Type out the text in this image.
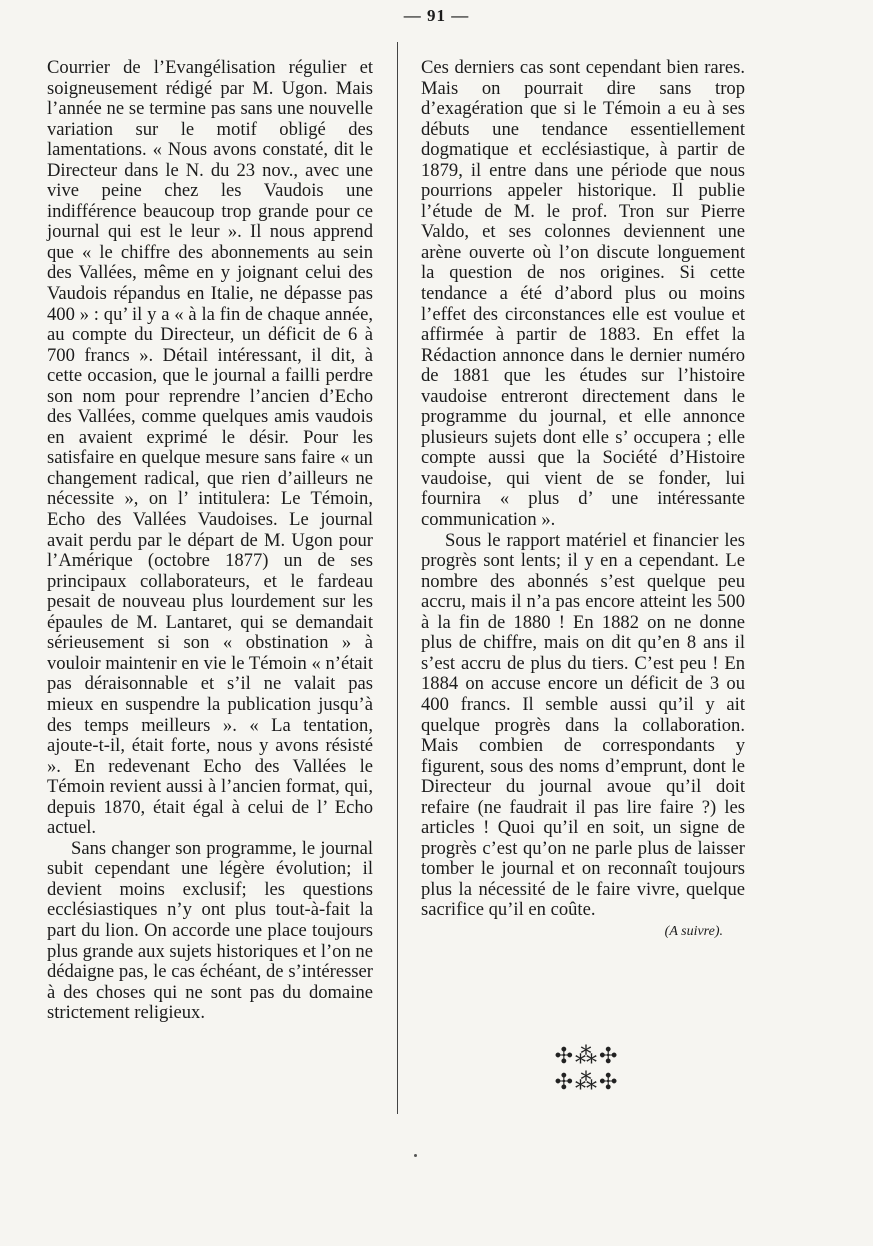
— 91 —

Courrier de l’Evangélisation régulier et soigneusement rédigé par M. Ugon. Mais l’année ne se termine pas sans une nouvelle variation sur le motif obligé des lamentations. « Nous avons constaté, dit le Directeur dans le N. du 23 nov., avec une vive peine chez les Vaudois une indifférence beaucoup trop grande pour ce journal qui est le leur ». Il nous apprend que « le chiffre des abonnements au sein des Vallées, même en y joignant celui des Vaudois répandus en Italie, ne dépasse pas 400 » : qu’ il y a « à la fin de chaque année, au compte du Directeur, un déficit de 6 à 700 francs ». Détail intéressant, il dit, à cette occasion, que le journal a failli perdre son nom pour reprendre l’ancien d’Echo des Vallées, comme quelques amis vaudois en avaient exprimé le désir. Pour les satisfaire en quelque mesure sans faire « un changement radical, que rien d’ailleurs ne nécessite », on l’ intitulera: Le Témoin, Echo des Vallées Vaudoises. Le journal avait perdu par le départ de M. Ugon pour l’Amérique (octobre 1877) un de ses principaux collaborateurs, et le fardeau pesait de nouveau plus lourdement sur les épaules de M. Lantaret, qui se demandait sérieusement si son « obstination » à vouloir maintenir en vie le Témoin « n’était pas déraisonnable et s’il ne valait pas mieux en suspendre la publication jusqu’à des temps meilleurs ». « La tentation, ajoute-t-il, était forte, nous y avons résisté ». En redevenant Echo des Vallées le Témoin revient aussi à l’ancien format, qui, depuis 1870, était égal à celui de l’ Echo actuel.

Sans changer son programme, le journal subit cependant une légère évolution; il devient moins exclusif; les questions ecclésiastiques n’y ont plus tout-à-fait la part du lion. On accorde une place toujours plus grande aux sujets historiques et l’on ne dédaigne pas, le cas échéant, de s’intéresser à des choses qui ne sont pas du domaine strictement religieux.

Ces derniers cas sont cependant bien rares. Mais on pourrait dire sans trop d’exagération que si le Témoin a eu à ses débuts une tendance essentiellement dogmatique et ecclésiastique, à partir de 1879, il entre dans une période que nous pourrions appeler historique. Il publie l’étude de M. le prof. Tron sur Pierre Valdo, et ses colonnes deviennent une arène ouverte où l’on discute longuement la question de nos origines. Si cette tendance a été d’abord plus ou moins l’effet des circonstances elle est voulue et affirmée à partir de 1883. En effet la Rédaction annonce dans le dernier numéro de 1881 que les études sur l’histoire vaudoise entreront directement dans le programme du journal, et elle annonce plusieurs sujets dont elle s’ occupera ; elle compte aussi que la Société d’Histoire vaudoise, qui vient de se fonder, lui fournira « plus d’ une intéressante communication ».

Sous le rapport matériel et financier les progrès sont lents; il y en a cependant. Le nombre des abonnés s’est quelque peu accru, mais il n’a pas encore atteint les 500 à la fin de 1880 ! En 1882 on ne donne plus de chiffre, mais on dit qu’en 8 ans il s’est accru de plus du tiers. C’est peu ! En 1884 on accuse encore un déficit de 3 ou 400 francs. Il semble aussi qu’il y ait quelque progrès dans la collaboration. Mais combien de correspondants y figurent, sous des noms d’emprunt, dont le Directeur du journal avoue qu’il doit refaire (ne faudrait il pas lire faire ?) les articles ! Quoi qu’il en soit, un signe de progrès c’est qu’on ne parle plus de laisser tomber le journal et on reconnaît toujours plus la nécessité de le faire vivre, quelque sacrifice qu’il en coûte.

(A suivre).
✣⁂✣ ✣⁂✣
